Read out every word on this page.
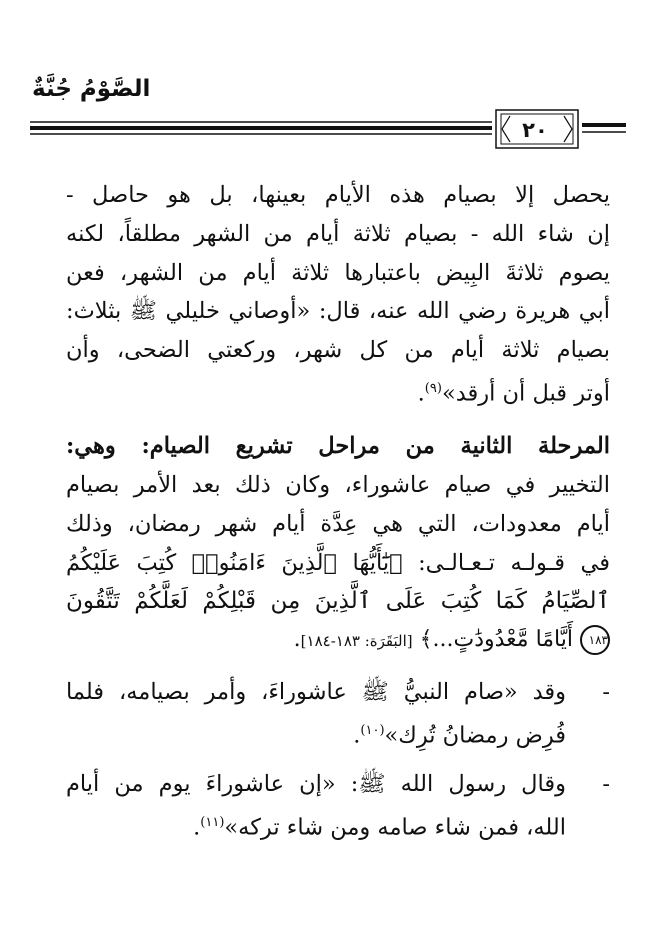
الصَّوْمُ جُنَّةٌ
٢٠

يحصل إلا بصيام هذه الأيام بعينها، بل هو حاصل -
إن شاء الله - بصيام ثلاثة أيام من الشهر مطلقاً، لكنه
يصوم ثلاثةَ البِيض باعتبارها ثلاثة أيام من الشهر، فعن
أبي هريرة رضي الله عنه، قال: «أوصاني خليلي ﷺ بثلاث:
بصيام ثلاثة أيام من كل شهر، وركعتي الضحى، وأن
أوتر قبل أن أرقد»$^{(٩)}$.

المرحلة الثانية من مراحل تشريع الصيام: وهي:
التخيير في صيام عاشوراء، وكان ذلك بعد الأمر بصيام
أيام معدودات، التي هي عِدَّة أيام شهر رمضان، وذلك
في قـولـه تـعـالـى: ﴿يَٰٓأَيُّهَا ٱلَّذِينَ ءَامَنُوا۟ كُتِبَ عَلَيْكُمُ
ٱلصِّيَامُ كَمَا كُتِبَ عَلَى ٱلَّذِينَ مِن قَبْلِكُمْ لَعَلَّكُمْ تَتَّقُونَ
١٨٣ أَيَّامًا مَّعْدُودَٰتٍ...﴾ [البَقَرَة: ١٨٣-١٨٤].

-
وقد «صام النبيُّ ﷺ عاشوراءَ، وأمر بصيامه، فلما
فُرِض رمضانُ تُرِك»$^{(١٠)}$.
-
وقال رسول الله ﷺ: «إن عاشوراءَ يوم من أيام
الله، فمن شاء صامه ومن شاء تركه»$^{(١١)}$.
